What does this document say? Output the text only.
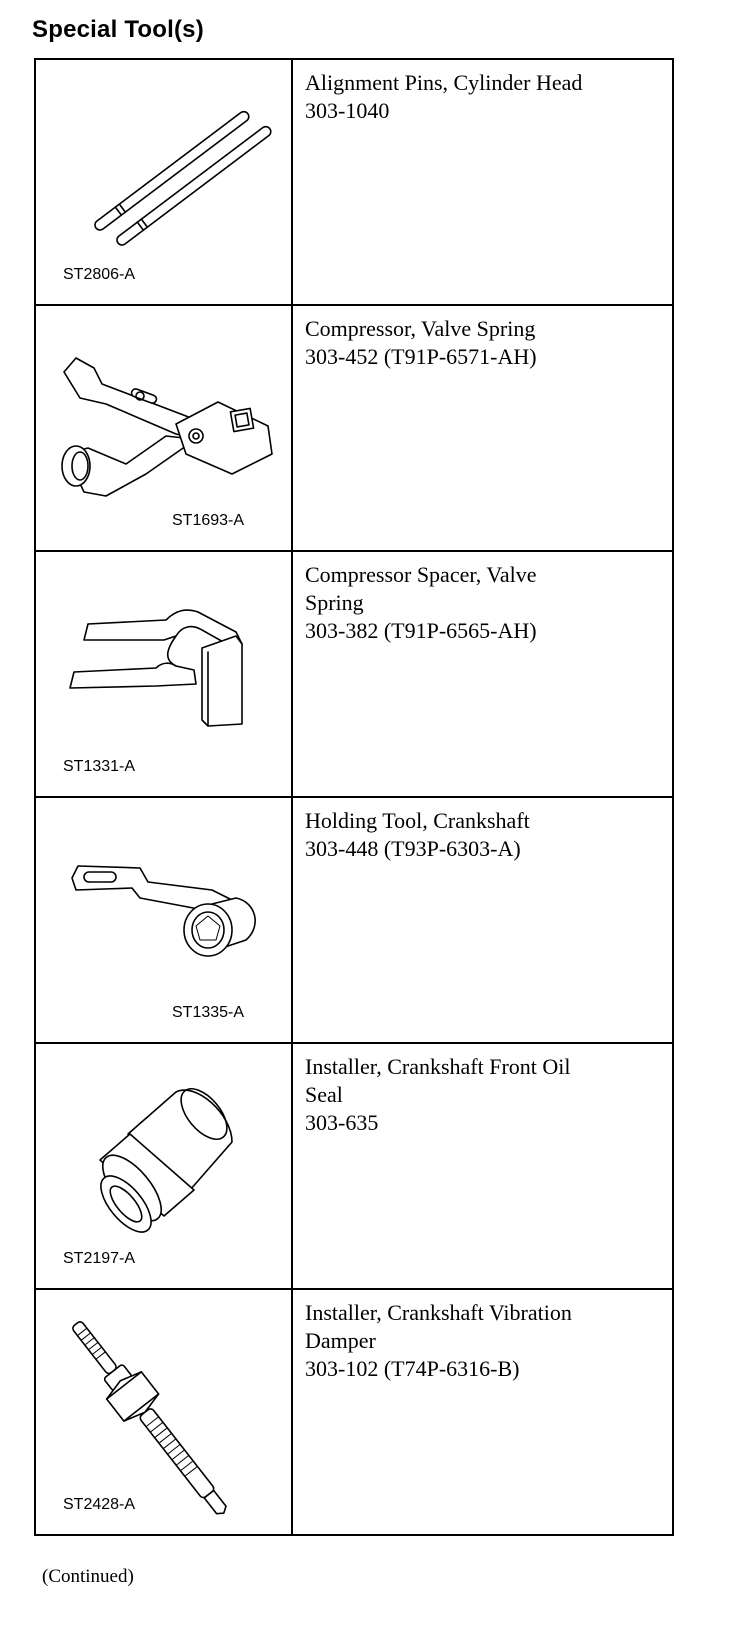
Special Tool(s)
ST2806-A	Alignment Pins, Cylinder Head
303-1040

ST1693-A	Compressor, Valve Spring
303-452 (T91P-6571-AH)

ST1331-A	Compressor Spacer, Valve
Spring
303-382 (T91P-6565-AH)

ST1335-A	Holding Tool, Crankshaft
303-448 (T93P-6303-A)

ST2197-A	Installer, Crankshaft Front Oil
Seal
303-635

ST2428-A	Installer, Crankshaft Vibration
Damper
303-102 (T74P-6316-B)
(Continued)
